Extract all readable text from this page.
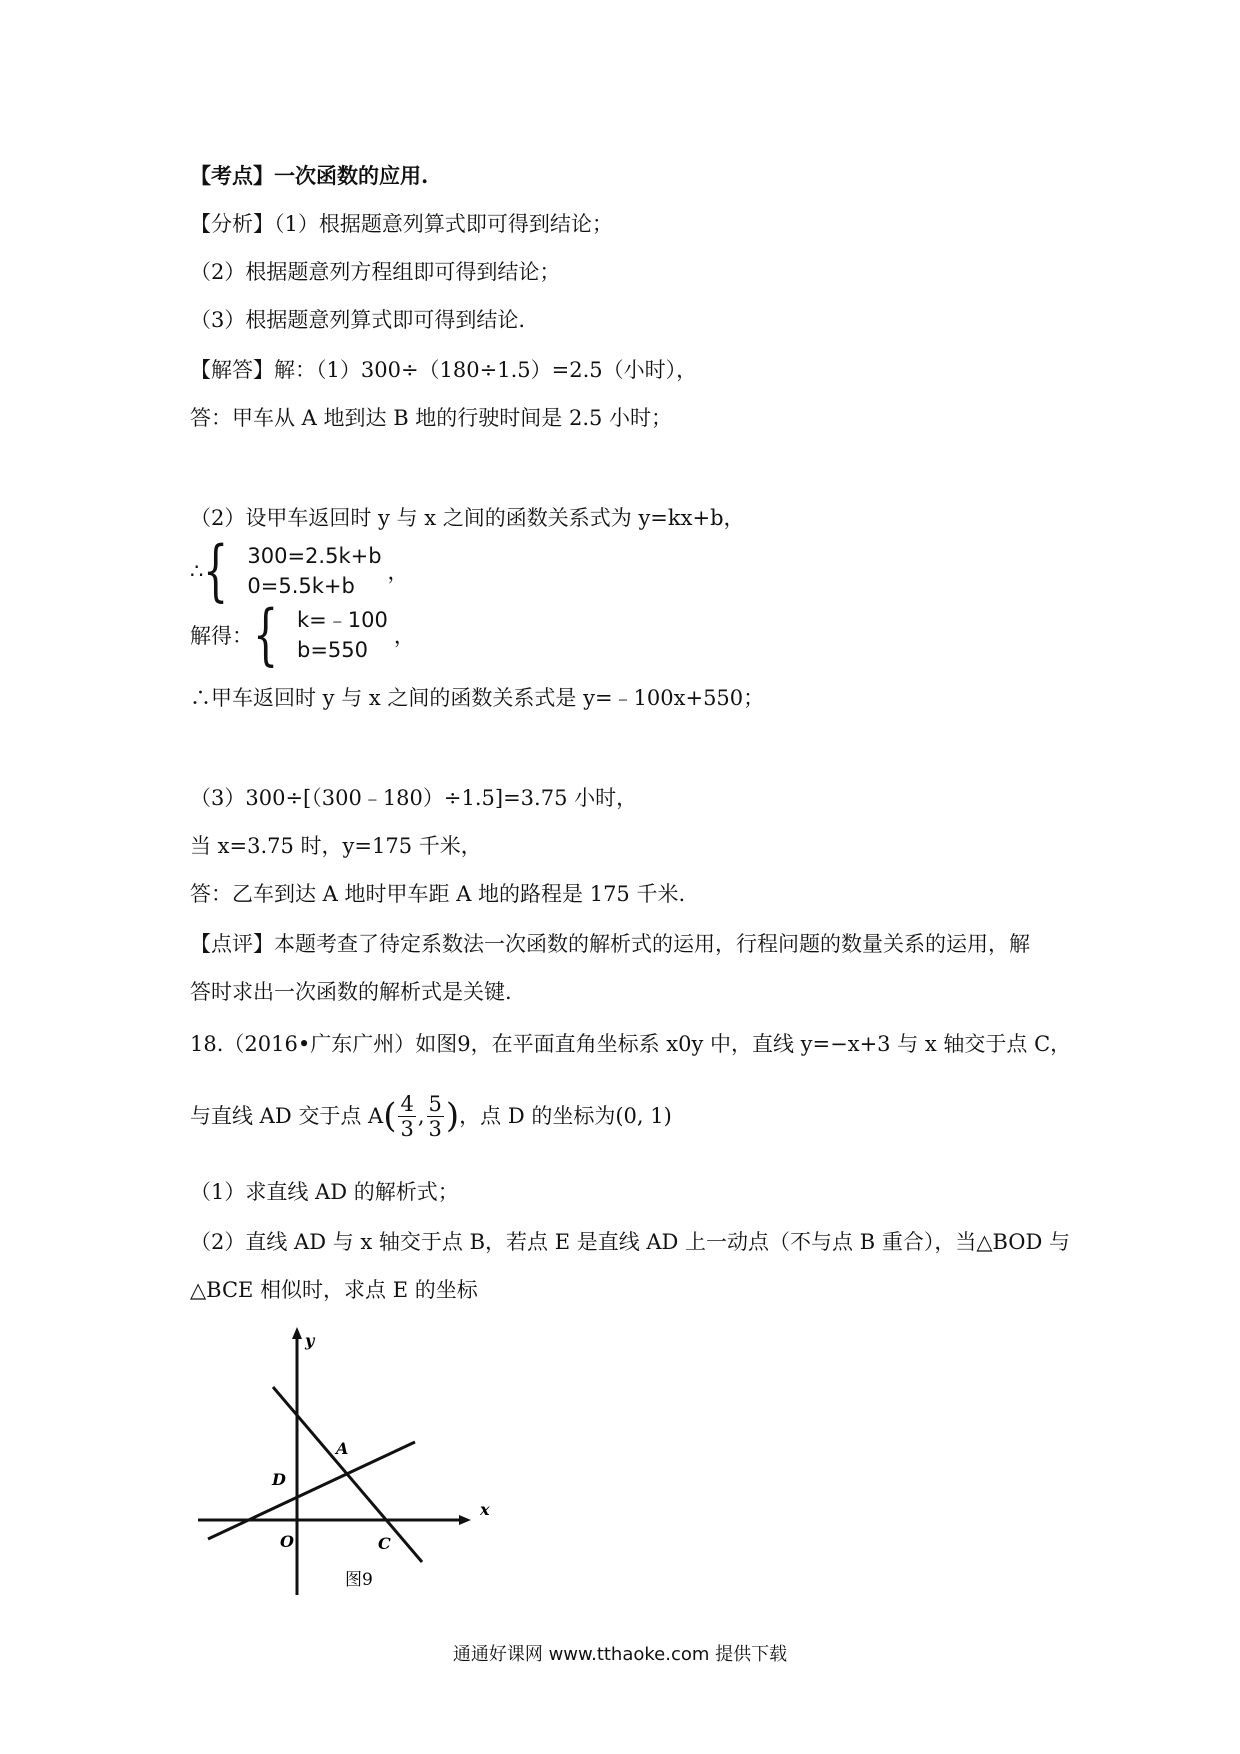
【考点】一次函数的应用.
【分析】（1）根据题意列算式即可得到结论；
（2）根据题意列方程组即可得到结论；
（3）根据题意列算式即可得到结论.
【解答】解：（1）300÷（180÷1.5）=2.5（小时），
答：甲车从 A 地到达 B 地的行驶时间是 2.5 小时；
（2）设甲车返回时 y 与 x 之间的函数关系式为 y=kx+b，
∴ { 300=2.5k+b
0=5.5k+b
，
解得： { k=﹣100
b=550
，
∴甲车返回时 y 与 x 之间的函数关系式是 y=﹣100x+550；
（3）300÷[（300﹣180）÷1.5]=3.75 小时，
当 x=3.75 时，y=175 千米，
答：乙车到达 A 地时甲车距 A 地的路程是 175 千米.
【点评】本题考查了待定系数法一次函数的解析式的运用，行程问题的数量关系的运用，解
答时求出一次函数的解析式是关键.
18.（2016•广东广州）如图9，在平面直角坐标系 x0y 中，直线 y=−x+3 与 x 轴交于点 C，
与直线 AD 交于点 A ( $\frac{4}{3}$ , $\frac{5}{3}$ ) ，点 D 的坐标为(0, 1)
（1）求直线 AD 的解析式；
（2）直线 AD 与 x 轴交于点 B，若点 E 是直线 AD 上一动点（不与点 B 重合），当△BOD 与
△BCE 相似时，求点 E 的坐标
y
x
A
D
O	C
图9
通通好课网 www.tthaoke.com 提供下载
